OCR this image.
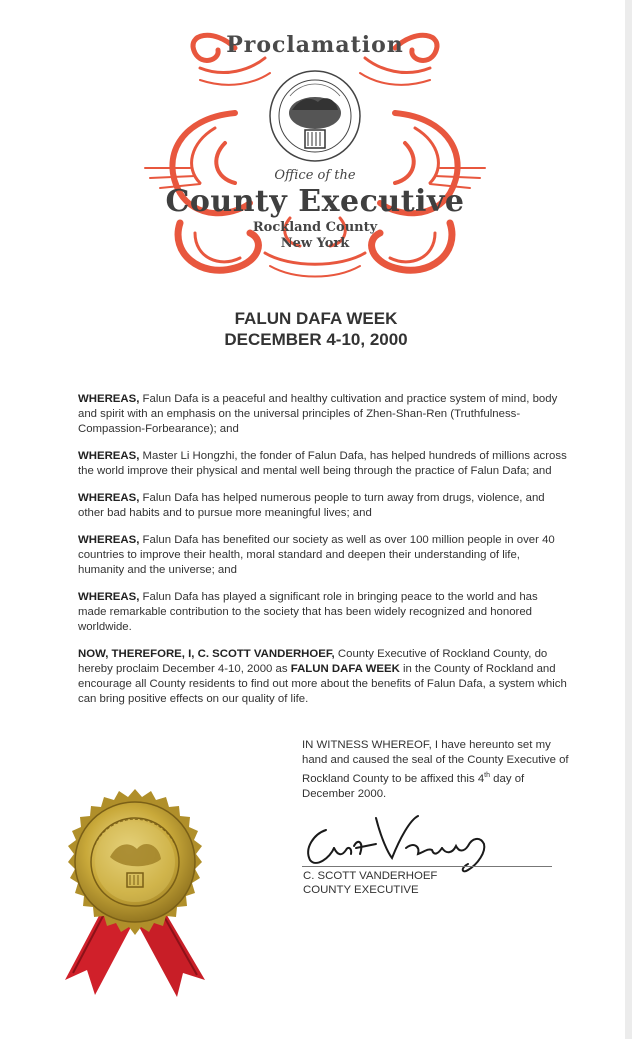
Proclamation
Office of the
County Executive
Rockland County
New York
FALUN DAFA WEEK
DECEMBER 4-10, 2000

WHEREAS, Falun Dafa is a peaceful and healthy cultivation and practice system of mind, body and spirit with an emphasis on the universal principles of Zhen-Shan-Ren (Truthfulness-Compassion-Forbearance); and

WHEREAS, Master Li Hongzhi, the fonder of Falun Dafa, has helped hundreds of millions across the world improve their physical and mental well being through the practice of Falun Dafa; and

WHEREAS, Falun Dafa has helped numerous people to turn away from drugs, violence, and other bad habits and to pursue more meaningful lives; and

WHEREAS, Falun Dafa has benefited our society as well as over 100 million people in over 40 countries to improve their health, moral standard and deepen their understanding of life, humanity and the universe; and

WHEREAS, Falun Dafa has played a significant role in bringing peace to the world and has made remarkable contribution to the society that has been widely recognized and honored worldwide.

NOW, THEREFORE, I, C. SCOTT VANDERHOEF, County Executive of Rockland County, do hereby proclaim December 4-10, 2000 as FALUN DAFA WEEK in the County of Rockland and encourage all County residents to find out more about the benefits of Falun Dafa, a system which can bring positive effects on our quality of life.

IN WITNESS WHEREOF, I have hereunto set my hand and caused the seal of the County Executive of Rockland County to be affixed this 4th day of December 2000.
C. SCOTT VANDERHOEF
COUNTY EXECUTIVE
